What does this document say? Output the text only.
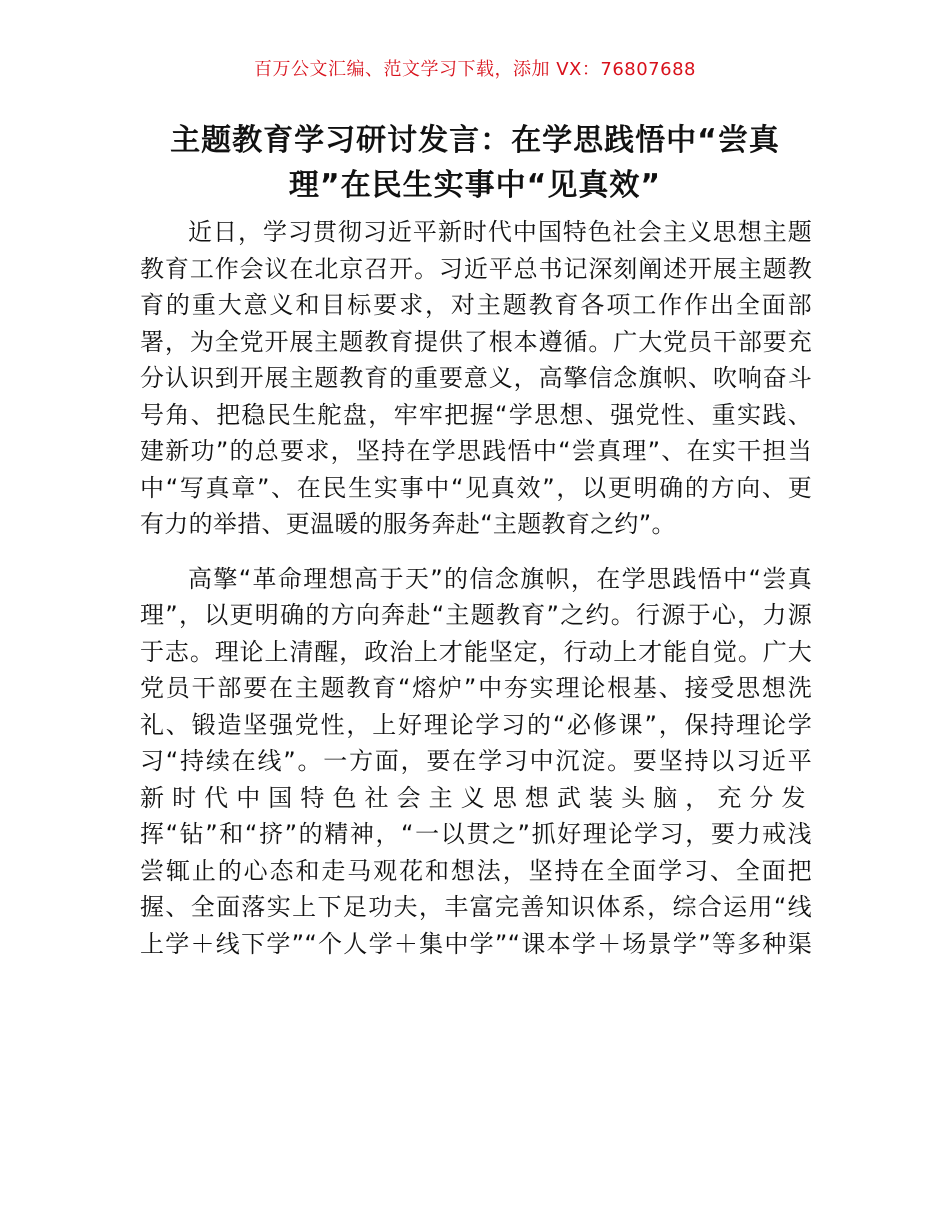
百万公文汇编、范文学习下载，添加 VX：76807688
主题教育学习研讨发言：在学思践悟中“尝真
理”在民生实事中“见真效”
近日，学习贯彻习近平新时代中国特色社会主义思想主题
教育工作会议在北京召开。习近平总书记深刻阐述开展主题教
育的重大意义和目标要求，对主题教育各项工作作出全面部
署，为全党开展主题教育提供了根本遵循。广大党员干部要充
分认识到开展主题教育的重要意义，高擎信念旗帜、吹响奋斗
号角、把稳民生舵盘，牢牢把握“学思想、强党性、重实践、
建新功”的总要求，坚持在学思践悟中“尝真理”、在实干担当
中“写真章”、在民生实事中“见真效”，以更明确的方向、更
有力的举措、更温暖的服务奔赴“主题教育之约”。
高擎“革命理想高于天”的信念旗帜，在学思践悟中“尝真
理”，以更明确的方向奔赴“主题教育”之约。行源于心，力源
于志。理论上清醒，政治上才能坚定，行动上才能自觉。广大
党员干部要在主题教育“熔炉”中夯实理论根基、接受思想洗
礼、锻造坚强党性，上好理论学习的“必修课”，保持理论学
习“持续在线”。一方面，要在学习中沉淀。要坚持以习近平
新时代中国特色社会主义思想武装头脑，充分发
挥“钻”和“挤”的精神，“一以贯之”抓好理论学习，要力戒浅
尝辄止的心态和走马观花和想法，坚持在全面学习、全面把
握、全面落实上下足功夫，丰富完善知识体系，综合运用“线
上学＋线下学”“个人学＋集中学”“课本学＋场景学”等多种渠
